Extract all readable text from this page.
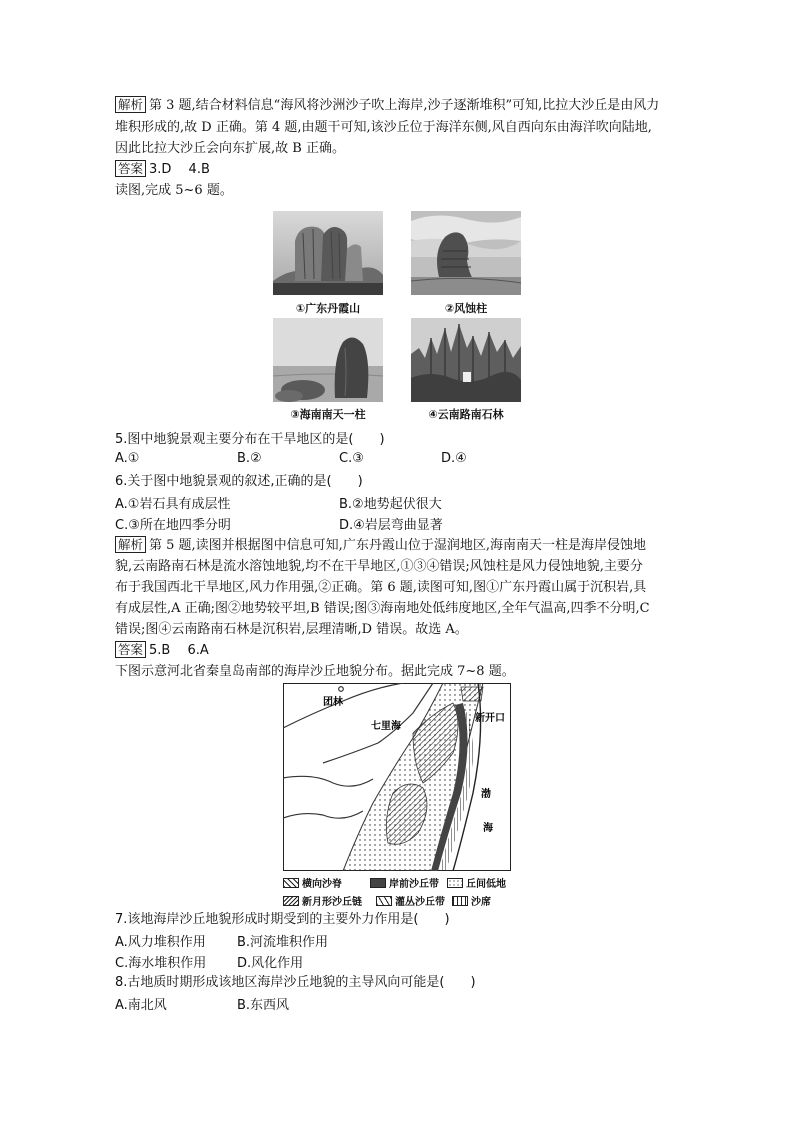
解析 第 3 题,结合材料信息“海风将沙洲沙子吹上海岸,沙子逐渐堆积”可知,比拉大沙丘是由风力
堆积形成的,故 D 正确。第 4 题,由题干可知,该沙丘位于海洋东侧,风自西向东由海洋吹向陆地,
因此比拉大沙丘会向东扩展,故 B 正确。
答案 3.D  4.B
读图,完成 5~6 题。
①广东丹霞山	②风蚀柱
③海南南天一柱	④云南路南石林
5.图中地貌景观主要分布在干旱地区的是(  )
A.①	B.②	C.③	D.④
6.关于图中地貌景观的叙述,正确的是(  )
A.①岩石具有成层性	B.②地势起伏很大
C.③所在地四季分明	D.④岩层弯曲显著
解析 第 5 题,读图并根据图中信息可知,广东丹霞山位于湿润地区,海南南天一柱是海岸侵蚀地
貌,云南路南石林是流水溶蚀地貌,均不在干旱地区,①③④错误;风蚀柱是风力侵蚀地貌,主要分
布于我国西北干旱地区,风力作用强,②正确。第 6 题,读图可知,图①广东丹霞山属于沉积岩,具
有成层性,A 正确;图②地势较平坦,B 错误;图③海南地处低纬度地区,全年气温高,四季不分明,C
错误;图④云南路南石林是沉积岩,层理清晰,D 错误。故选 A。
答案 5.B  6.A
下图示意河北省秦皇岛南部的海岸沙丘地貌分布。据此完成 7~8 题。
团林
七里海
新开口
渤
海
横向沙脊	岸前沙丘带	丘间低地
新月形沙丘链	灌丛沙丘带	沙席
7.该地海岸沙丘地貌形成时期受到的主要外力作用是(  )
A.风力堆积作用 B.河流堆积作用
C.海水堆积作用 D.风化作用
8.古地质时期形成该地区海岸沙丘地貌的主导风向可能是(  )
A.南北风	B.东西风
